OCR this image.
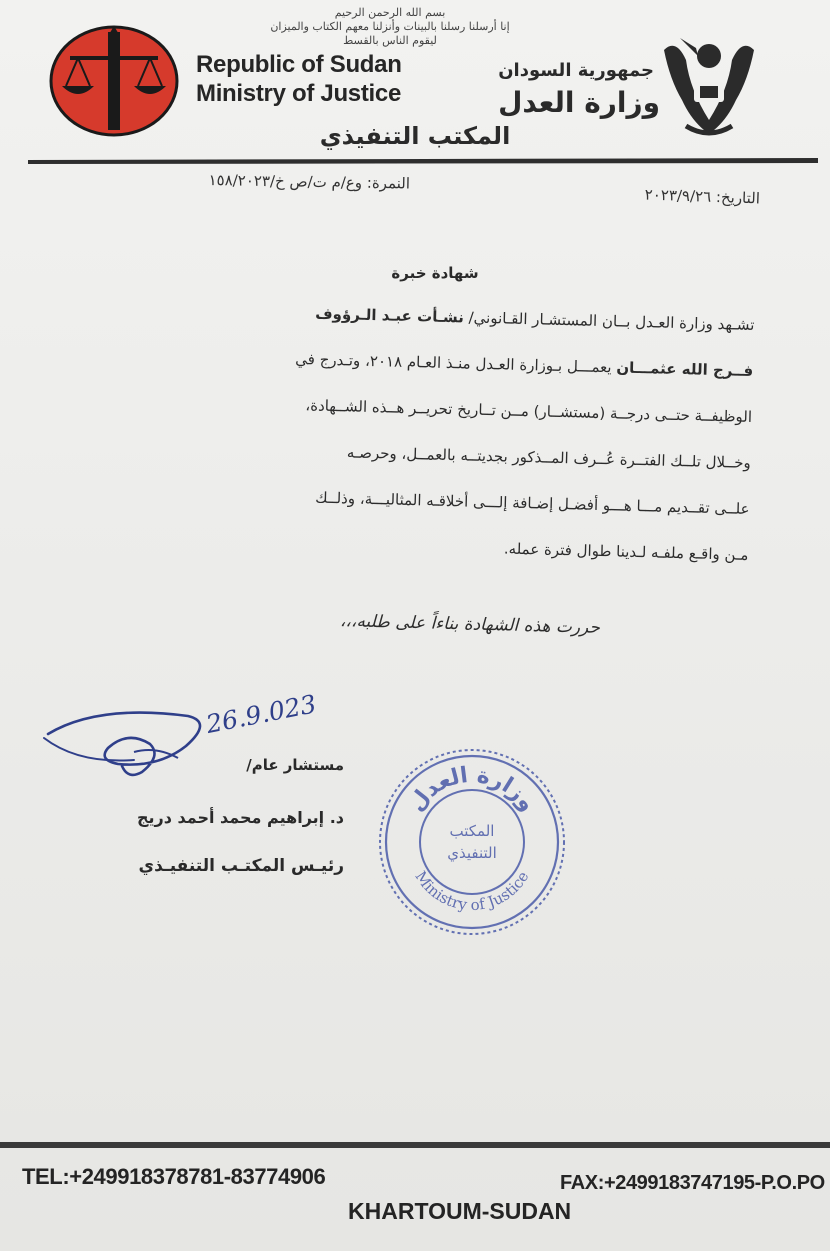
بسم الله الرحمن الرحيم
إنا أرسلنا رسلنا بالبينات وأنزلنا معهم الكتاب والميزان ليقوم الناس بالقسط
Republic of Sudan
Ministry of Justice
جمهورية السودان
وزارة العدل
المكتب التنفيذي
النمرة: وع/م ت/ص خ/١٥٨/٢٠٢٣
التاريخ: ٢٠٢٣/٩/٢٦
شهادة خبرة
تشـهد وزارة العـدل بــان المستشـار القـانوني/ نشـأت عبـد الـرؤوف
فــرج الله عثمـــان يعمـــل بـوزارة العـدل منـذ العـام ٢٠١٨، وتـدرج في
الوظيفــة حتــى درجــة (مستشــار) مــن تــاريخ تحريــر هــذه الشــهادة،
وخــلال تلــك الفتــرة عُــرف المــذكور بجديتــه بالعمــل، وحرصـه
علــى تقــديم مـــا هـــو أفضـل إضـافة إلـــى أخلاقـه المثاليـــة، وذلــك
مـن واقـع ملفـه لـدينا طوال فترة عمله.
حررت هذه الشهادة بناءاً على طلبه،،،
26.9.023
مستشار عام/
د. إبراهيم محمد أحمد دريج
رئيـس المكتـب التنفيـذي
وزارة العدل
المكتب
التنفيذي
Ministry of Justice
TEL:+249918378781-83774906	FAX:+2499183747195-P.O.PO
KHARTOUM-SUDAN
